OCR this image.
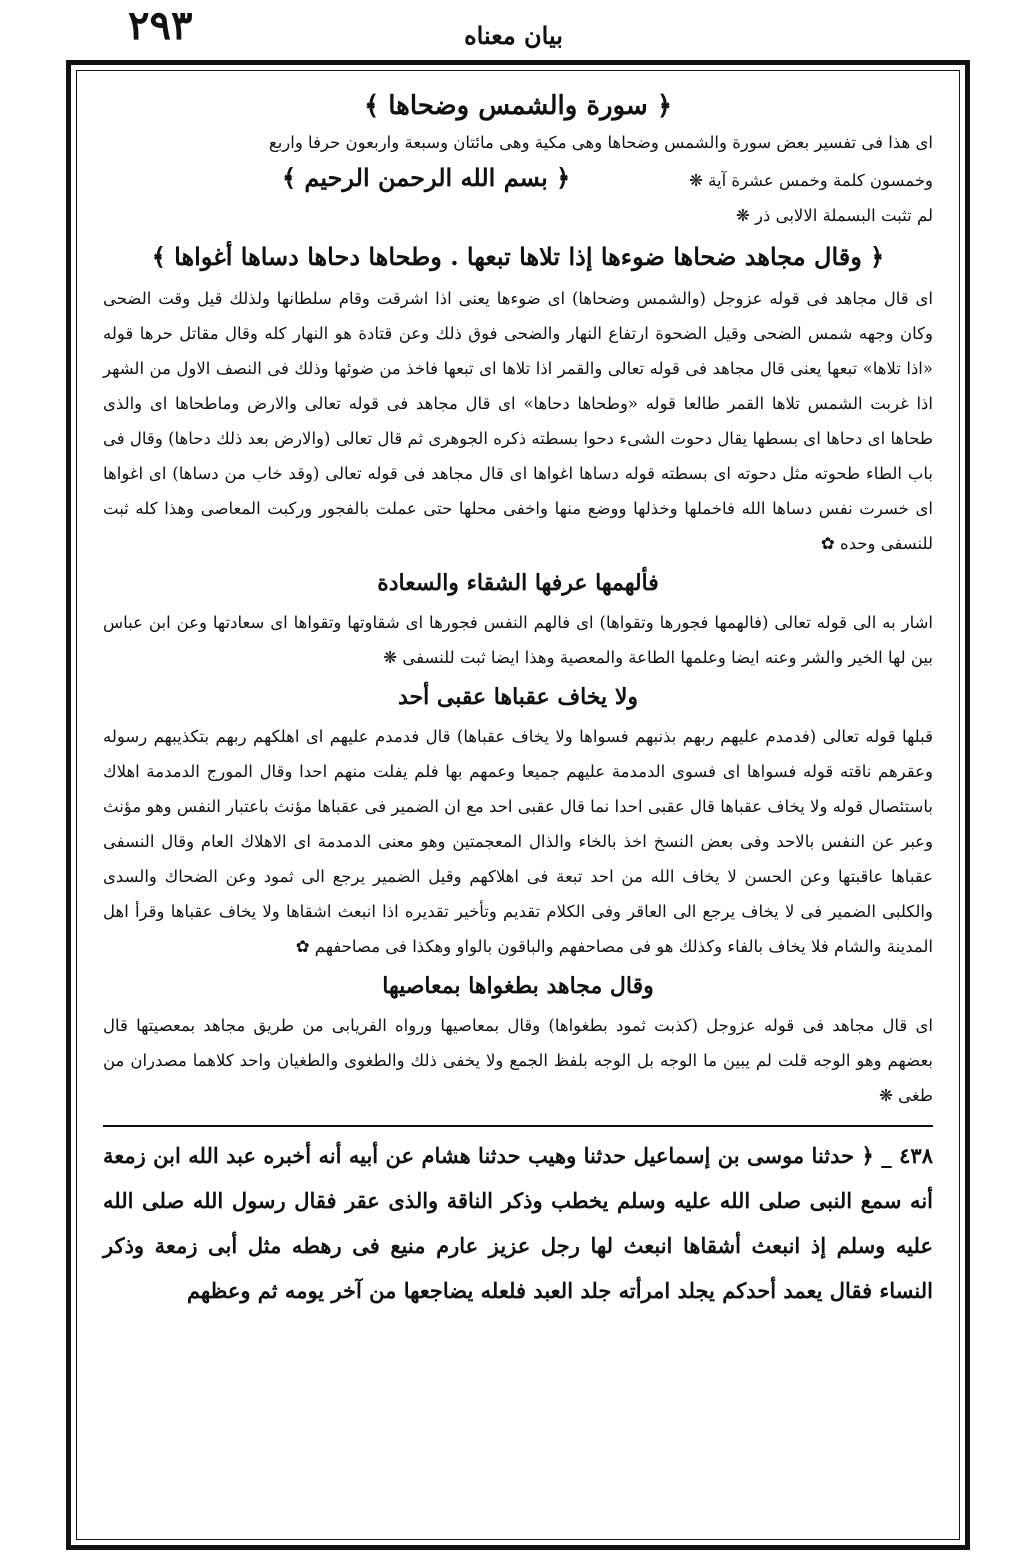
٢٩٣	بيان معناه
﴿ سورة والشمس وضحاها ﴾

اى هذا فى تفسير بعض سورة والشمس وضحاها وهى مكية وهى مائتان وسبعة واربعون حرفا واربع

وخمسون كلمة وخمس عشرة آية ❋
﴿ بسم الله الرحمن الرحيم ﴾

لم تثبت البسملة الالابى ذر ❋

﴿ وقال مجاهد ضحاها ضوءها إذا تلاها تبعها . وطحاها دحاها دساها أغواها ﴾

اى قال مجاهد فى قوله عزوجل (والشمس وضحاها) اى ضوءها يعنى اذا اشرقت وقام سلطانها ولذلك قيل وقت الضحى وكان وجهه شمس الضحى وقيل الضحوة ارتفاع النهار والضحى فوق ذلك وعن قتادة هو النهار كله وقال مقاتل حرها قوله «اذا تلاها» تبعها يعنى قال مجاهد فى قوله تعالى والقمر اذا تلاها اى تبعها فاخذ من ضوئها وذلك فى النصف الاول من الشهر اذا غربت الشمس تلاها القمر طالعا قوله «وطحاها دحاها» اى قال مجاهد فى قوله تعالى والارض وماطحاها اى والذى طحاها اى دحاها اى بسطها يقال دحوت الشىء دحوا بسطته ذكره الجوهرى ثم قال تعالى (والارض بعد ذلك دحاها) وقال فى باب الطاء طحوته مثل دحوته اى بسطته قوله دساها اغواها اى قال مجاهد فى قوله تعالى (وقد خاب من دساها) اى اغواها اى خسرت نفس دساها الله فاخملها وخذلها ووضع منها واخفى محلها حتى عملت بالفجور وركبت المعاصى وهذا كله ثبت للنسفى وحده ✿

فألهمها عرفها الشقاء والسعادة

اشار به الى قوله تعالى (فالهمها فجورها وتقواها) اى فالهم النفس فجورها اى شقاوتها وتقواها اى سعادتها وعن ابن عباس بين لها الخير والشر وعنه ايضا وعلمها الطاعة والمعصية وهذا ايضا ثبت للنسفى ❋

ولا يخاف عقباها عقبى أحد

قبلها قوله تعالى (فدمدم عليهم ربهم بذنبهم فسواها ولا يخاف عقباها) قال فدمدم عليهم اى اهلكهم ربهم بتكذيبهم رسوله وعقرهم ناقته قوله فسواها اى فسوى الدمدمة عليهم جميعا وعمهم بها فلم يفلت منهم احدا وقال المورج الدمدمة اهلاك باستئصال قوله ولا يخاف عقباها قال عقبى احدا نما قال عقبى احد مع ان الضمير فى عقباها مؤنث باعتبار النفس وهو مؤنث وعبر عن النفس بالاحد وفى بعض النسخ اخذ بالخاء والذال المعجمتين وهو معنى الدمدمة اى الاهلاك العام وقال النسفى عقباها عاقبتها وعن الحسن لا يخاف الله من احد تبعة فى اهلاكهم وقيل الضمير يرجع الى ثمود وعن الضحاك والسدى والكلبى الضمير فى لا يخاف يرجع الى العاقر وفى الكلام تقديم وتأخير تقديره اذا انبعث اشقاها ولا يخاف عقباها وقرأ اهل المدينة والشام فلا يخاف بالفاء وكذلك هو فى مصاحفهم والباقون بالواو وهكذا فى مصاحفهم ✿

وقال مجاهد بطغواها بمعاصيها

اى قال مجاهد فى قوله عزوجل (كذبت ثمود بطغواها) وقال بمعاصيها ورواه الفريابى من طريق مجاهد بمعصيتها قال بعضهم وهو الوجه قلت لم يبين ما الوجه بل الوجه بلفظ الجمع ولا يخفى ذلك والطغوى والطغيان واحد كلاهما مصدران من طغى ❋

٤٣٨ _ ﴿ حدثنا موسى بن إسماعيل حدثنا وهيب حدثنا هشام عن أبيه أنه أخبره عبد الله ابن زمعة أنه سمع النبى صلى الله عليه وسلم يخطب وذكر الناقة والذى عقر فقال رسول الله صلى الله عليه وسلم إذ انبعث أشقاها انبعث لها رجل عزيز عارم منيع فى رهطه مثل أبى زمعة وذكر النساء فقال يعمد أحدكم يجلد امرأته جلد العبد فلعله يضاجعها من آخر يومه ثم وعظهم
